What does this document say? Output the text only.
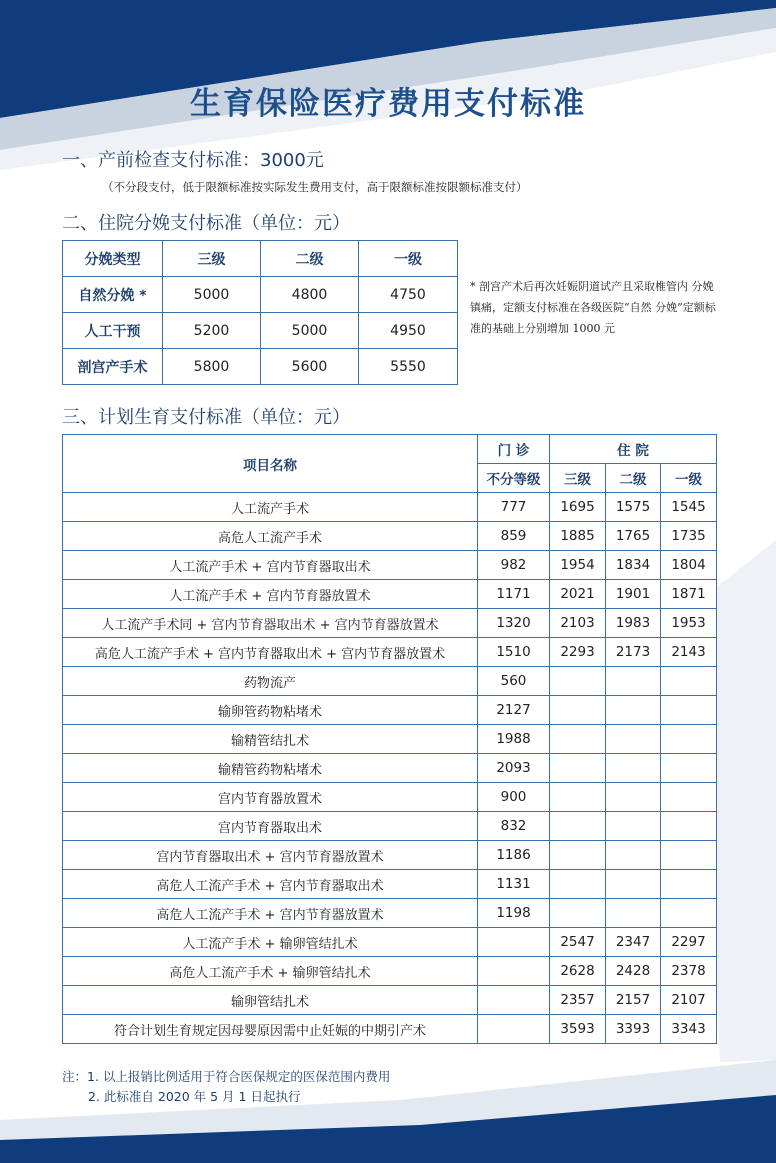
生育保险医疗费用支付标准
一、产前检查支付标准：3000元
（不分段支付，低于限额标准按实际发生费用支付，高于限额标准按限额标准支付）
二、住院分娩支付标准（单位：元）
分娩类型	三级	二级	一级
自然分娩 *	5000	4800	4750
人工干预	5200	5000	4950
剖宫产手术	5800	5600	5550
* 剖宫产术后再次妊娠阴道试产且采取椎管内 分娩镇痛，定额支付标准在各级医院“自然 分娩”定额标准的基础上分别增加 1000 元
三、计划生育支付标准（单位：元）
项目名称	门 诊	住 院		
	不分等级	三级	二级	一级
人工流产手术	777	1695	1575	1545
高危人工流产手术	859	1885	1765	1735
人工流产手术 + 宫内节育器取出术	982	1954	1834	1804
人工流产手术 + 宫内节育器放置术	1171	2021	1901	1871
人工流产手术同 + 宫内节育器取出术 + 宫内节育器放置术	1320	2103	1983	1953
高危人工流产手术 + 宫内节育器取出术 + 宫内节育器放置术	1510	2293	2173	2143
药物流产	560			
输卵管药物粘堵术	2127			
输精管结扎术	1988			
输精管药物粘堵术	2093			
宫内节育器放置术	900			
宫内节育器取出术	832			
宫内节育器取出术 + 宫内节育器放置术	1186			
高危人工流产手术 + 宫内节育器取出术	1131			
高危人工流产手术 + 宫内节育器放置术	1198			
人工流产手术 + 输卵管结扎术		2547	2347	2297
高危人工流产手术 + 输卵管结扎术		2628	2428	2378
输卵管结扎术		2357	2157	2107
符合计划生育规定因母婴原因需中止妊娠的中期引产术		3593	3393	3343
注：1. 以上报销比例适用于符合医保规定的医保范围内费用
2. 此标准自 2020 年 5 月 1 日起执行
